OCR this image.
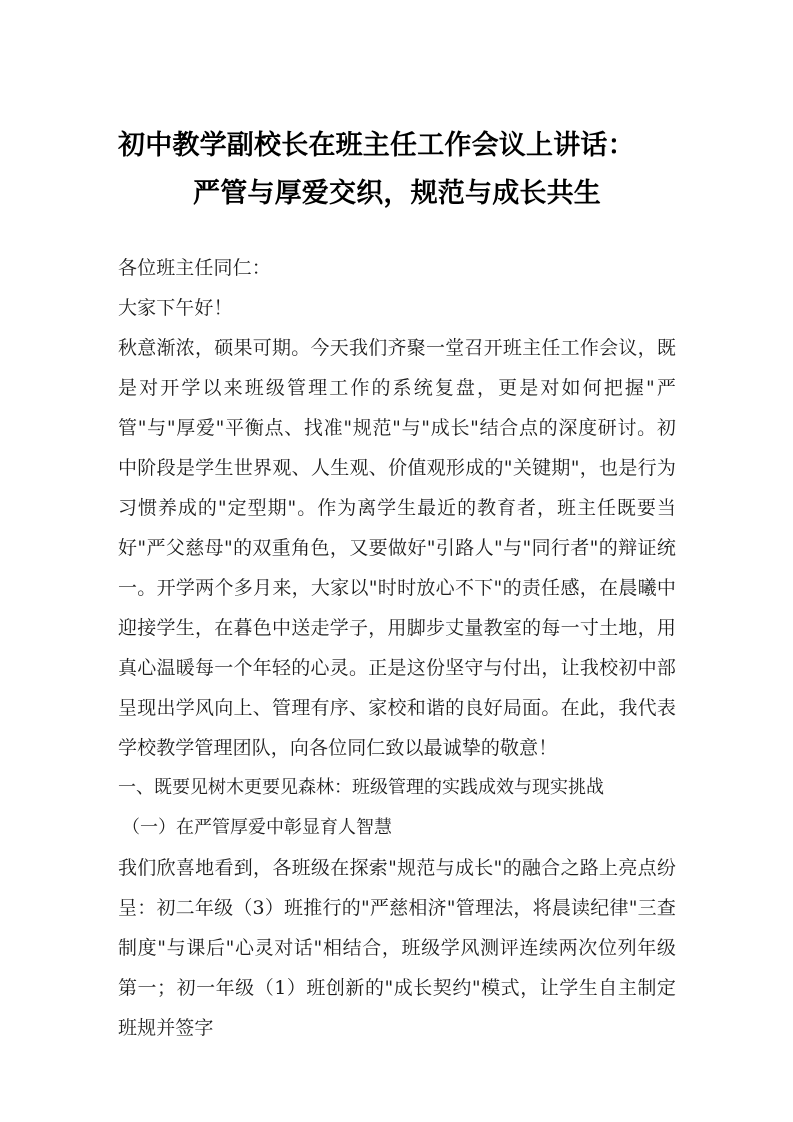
初中教学副校长在班主任工作会议上讲话：
严管与厚爱交织，规范与成长共生

各位班主任同仁：

大家下午好！

秋意渐浓，硕果可期。今天我们齐聚一堂召开班主任工作会议，既是对开学以来班级管理工作的系统复盘，更是对如何把握"严管"与"厚爱"平衡点、找准"规范"与"成长"结合点的深度研讨。初中阶段是学生世界观、人生观、价值观形成的"关键期"，也是行为习惯养成的"定型期"。作为离学生最近的教育者，班主任既要当好"严父慈母"的双重角色，又要做好"引路人"与"同行者"的辩证统一。开学两个多月来，大家以"时时放心不下"的责任感，在晨曦中迎接学生，在暮色中送走学子，用脚步丈量教室的每一寸土地，用真心温暖每一个年轻的心灵。正是这份坚守与付出，让我校初中部呈现出学风向上、管理有序、家校和谐的良好局面。在此，我代表学校教学管理团队，向各位同仁致以最诚挚的敬意！

一、既要见树木更要见森林：班级管理的实践成效与现实挑战

（一）在严管厚爱中彰显育人智慧

我们欣喜地看到，各班级在探索"规范与成长"的融合之路上亮点纷呈：初二年级（3）班推行的"严慈相济"管理法，将晨读纪律"三查制度"与课后"心灵对话"相结合，班级学风测评连续两次位列年级第一；初一年级（1）班创新的"成长契约"模式，让学生自主制定班规并签字
